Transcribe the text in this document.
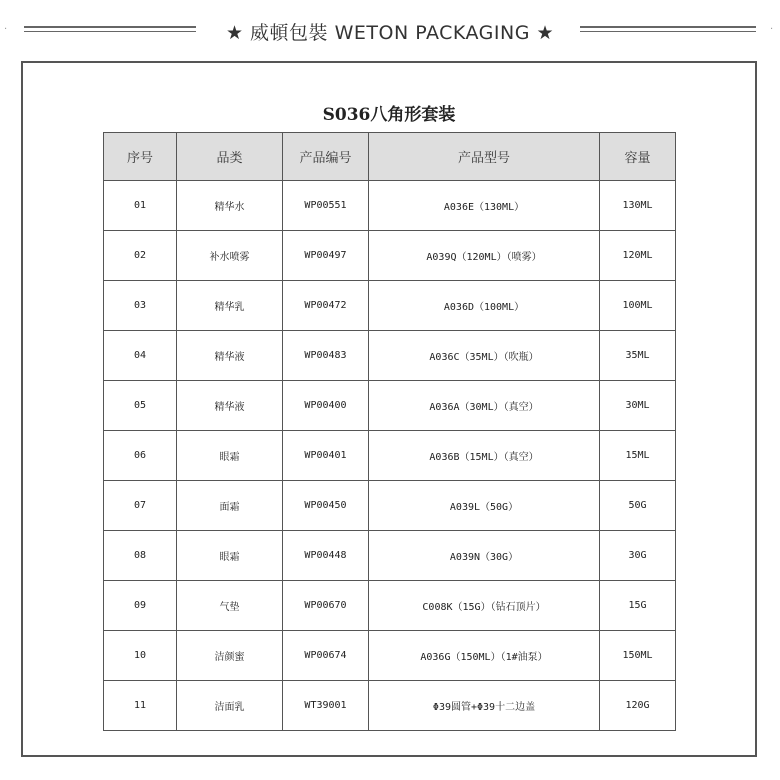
·	★ 威頓包裝 WETON PACKAGING ★	·
S036八角形套装
序号	品类	产品编号	产品型号	容量
01	精华水	WP00551	A036E（130ML）	130ML
02	补水喷雾	WP00497	A039Q（120ML）（喷雾）	120ML
03	精华乳	WP00472	A036D（100ML）	100ML
04	精华液	WP00483	A036C（35ML）（吹瓶）	35ML
05	精华液	WP00400	A036A（30ML）（真空）	30ML
06	眼霜	WP00401	A036B（15ML）（真空）	15ML
07	面霜	WP00450	A039L（50G）	50G
08	眼霜	WP00448	A039N（30G）	30G
09	气垫	WP00670	C008K（15G）（钻石顶片）	15G
10	洁颜蜜	WP00674	A036G（150ML）（1#油泵）	150ML
11	洁面乳	WT39001	Φ39圆管+Φ39十二边盖	120G
